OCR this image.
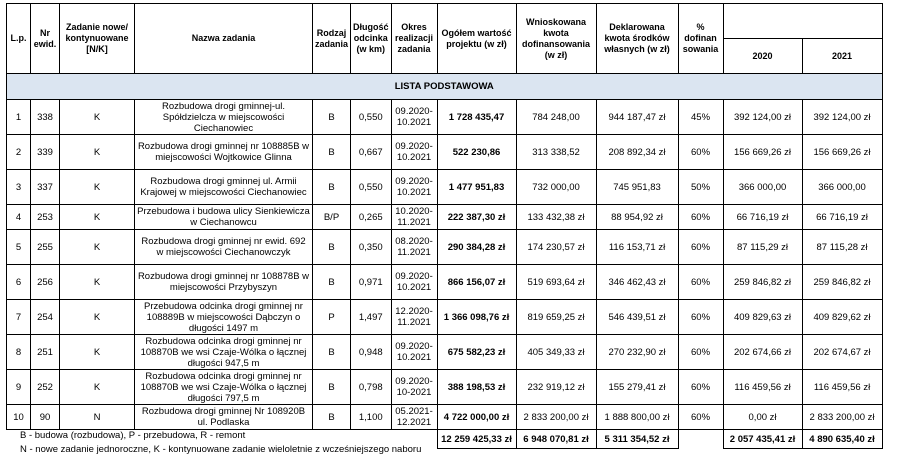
L.p.	Nr ewid.	Zadanie nowe/ kontynuowane [N/K]	Nazwa zadania	Rodzaj zadania	Długość odcinka (w km)	Okres realizacji zadania	Ogółem wartość projektu (w zł)	Wnioskowana kwota dofinansowania (w zł)	Deklarowana kwota środków własnych (w zł)	% dofinan sowania		
											2020	2021
LISTA PODSTAWOWA												
1	338	K	Rozbudowa drogi gminnej-ul. Spółdzielcza w miejscowości Ciechanowiec	B	0,550	09.2020-10.2021	1 728 435,47	784 248,00	944 187,47 zł	45%	392 124,00 zł	392 124,00 zł
2	339	K	Rozbudowa drogi gminnej nr 108885B w miejscowości Wojtkowice Glinna	B	0,667	09.2020-10.2021	522 230,86	313 338,52	208 892,34 zł	60%	156 669,26 zł	156 669,26 zł
3	337	K	Rozbudowa drogi gminnej ul. Armii Krajowej w miejscowości Ciechanowiec	B	0,550	09.2020-10.2021	1 477 951,83	732 000,00	745 951,83	50%	366 000,00	366 000,00
4	253	K	Przebudowa i budowa ulicy Sienkiewicza w Ciechanowcu	B/P	0,265	10.2020-11.2021	222 387,30 zł	133 432,38 zł	88 954,92 zł	60%	66 716,19 zł	66 716,19 zł
5	255	K	Rozbudowa drogi gminnej nr ewid. 692 w miejscowości Ciechanowczyk	B	0,350	08.2020-11.2021	290 384,28 zł	174 230,57 zł	116 153,71 zł	60%	87 115,29 zł	87 115,28 zł
6	256	K	Rozbudowa drogi gminnej nr 108878B w miejscowości Przybyszyn	B	0,971	09.2020-10.2021	866 156,07 zł	519 693,64 zł	346 462,43 zł	60%	259 846,82 zł	259 846,82 zł
7	254	K	Przebudowa odcinka drogi gminnej nr 108889B w miejscowości Dąbczyn o długości 1497 m	P	1,497	12.2020-11.2021	1 366 098,76 zł	819 659,25 zł	546 439,51 zł	60%	409 829,63 zł	409 829,62 zł
8	251	K	Rozbudowa odcinka drogi gminnej nr 108870B we wsi Czaje-Wólka o łącznej długości 947,5 m	B	0,948	09.2020-10.2021	675 582,23 zł	405 349,33 zł	270 232,90 zł	60%	202 674,66 zł	202 674,67 zł
9	252	K	Rozbudowa odcinka drogi gminnej nr 108870B we wsi Czaje-Wólka o łącznej długości 797,5 m	B	0,798	09.2020-10-2021	388 198,53 zł	232 919,12 zł	155 279,41 zł	60%	116 459,56 zł	116 459,56 zł
10	90	N	Rozbudowa drogi gminnej Nr 108920B ul. Podlaska	B	1,100	05.2021-12.2021	4 722 000,00 zł	2 833 200,00 zł	1 888 800,00 zł	60%	0,00 zł	2 833 200,00 zł
							12 259 425,33 zł	6 948 070,81 zł	5 311 354,52 zł		2 057 435,41 zł	4 890 635,40 zł
B - budowa (rozbudowa), P - przebudowa, R - remont
N - nowe zadanie jednoroczne, K - kontynuowane zadanie wieloletnie z wcześniejszego naboru
